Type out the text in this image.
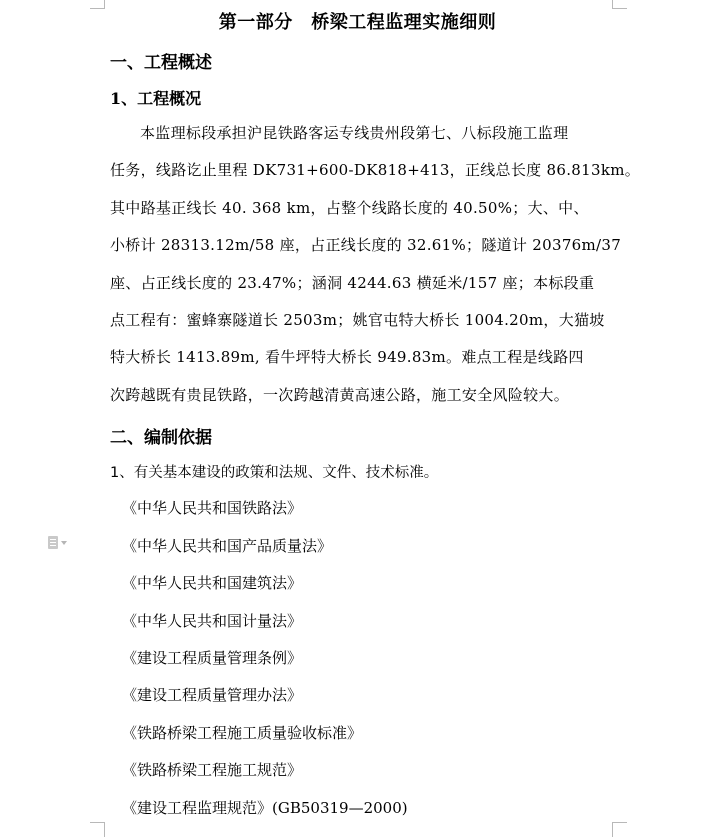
第一部分　桥梁工程监理实施细则
一、工程概述
1、工程概况
本监理标段承担沪昆铁路客运专线贵州段第七、八标段施工监理
任务，线路讫止里程 DK731+600-DK818+413，正线总长度 86.813km。
其中路基正线长 40. 368 km，占整个线路长度的 40.50%；大、中、
小桥计 28313.12m/58 座，占正线长度的 32.61%；隧道计 20376m/37
座、占正线长度的 23.47%；涵洞 4244.63 横延米/157 座；本标段重
点工程有：蜜蜂寨隧道长 2503m；姚官屯特大桥长 1004.20m，大猫坡
特大桥长 1413.89m, 看牛坪特大桥长 949.83m。难点工程是线路四
次跨越既有贵昆铁路，一次跨越清黄高速公路，施工安全风险较大。
二、编制依据
1、有关基本建设的政策和法规、文件、技术标准。
《中华人民共和国铁路法》
《中华人民共和国产品质量法》
《中华人民共和国建筑法》
《中华人民共和国计量法》
《建设工程质量管理条例》
《建设工程质量管理办法》
《铁路桥梁工程施工质量验收标准》
《铁路桥梁工程施工规范》
《建设工程监理规范》(GB50319—2000)
